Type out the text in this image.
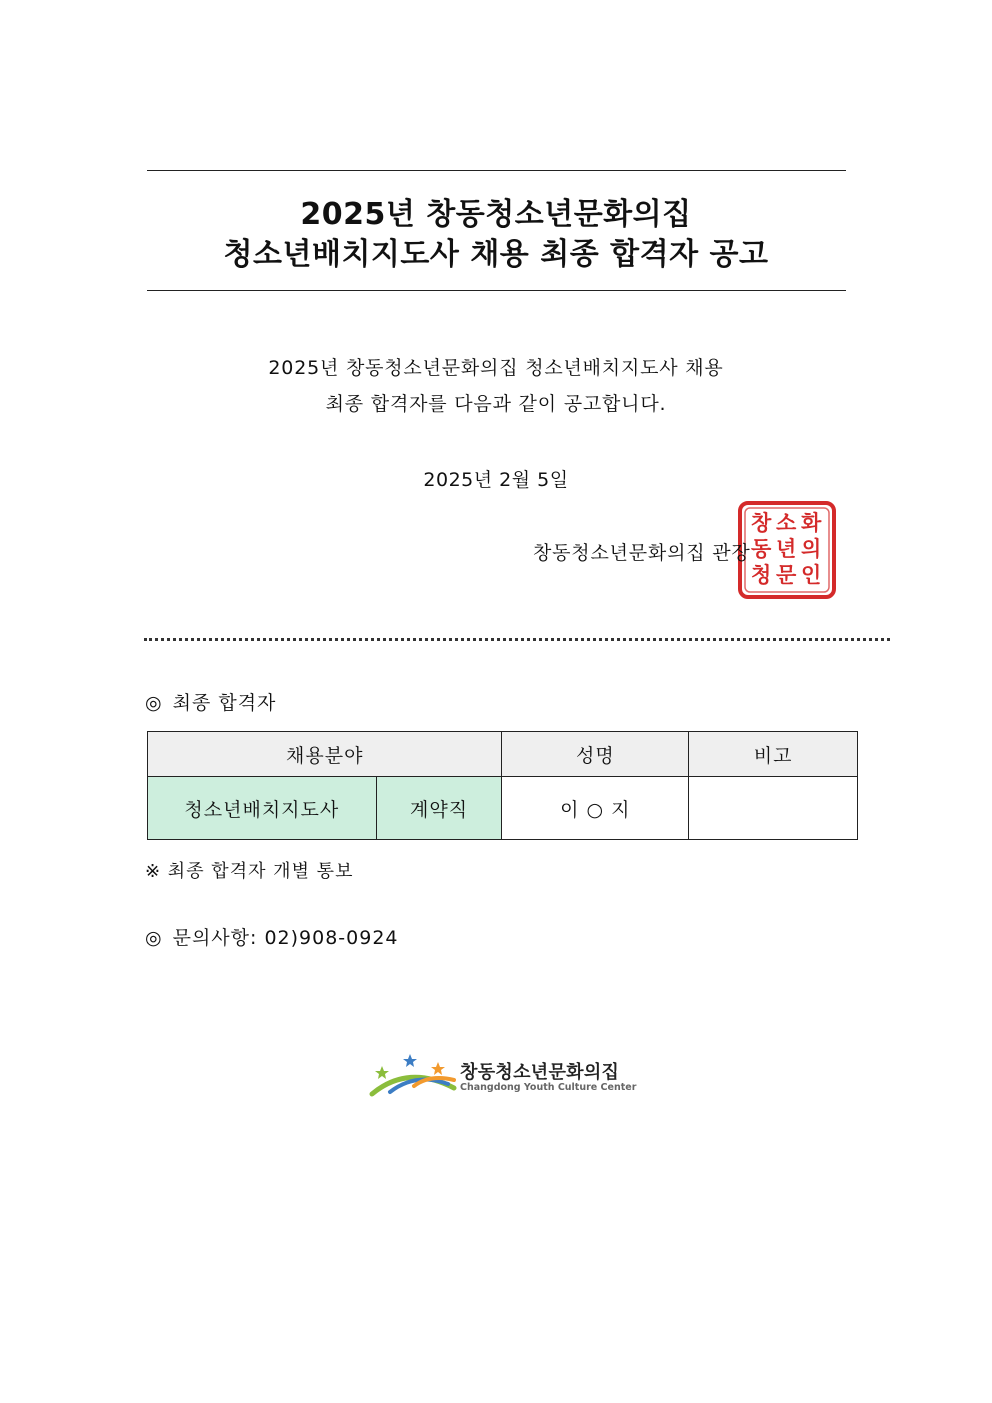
2025년 창동청소년문화의집
청소년배치지도사 채용 최종 합격자 공고
2025년 창동청소년문화의집 청소년배치지도사 채용
최종 합격자를 다음과 같이 공고합니다.
2025년 2월 5일
창
동
청
소
년
문
화
의
인
창동청소년문화의집 관장
◎ 최종 합격자
채용분야		성명	비고
청소년배치지도사	계약직	이 ○ 지	
※ 최종 합격자 개별 통보
◎ 문의사항: 02)908-0924
창동청소년문화의집
Changdong Youth Culture Center
